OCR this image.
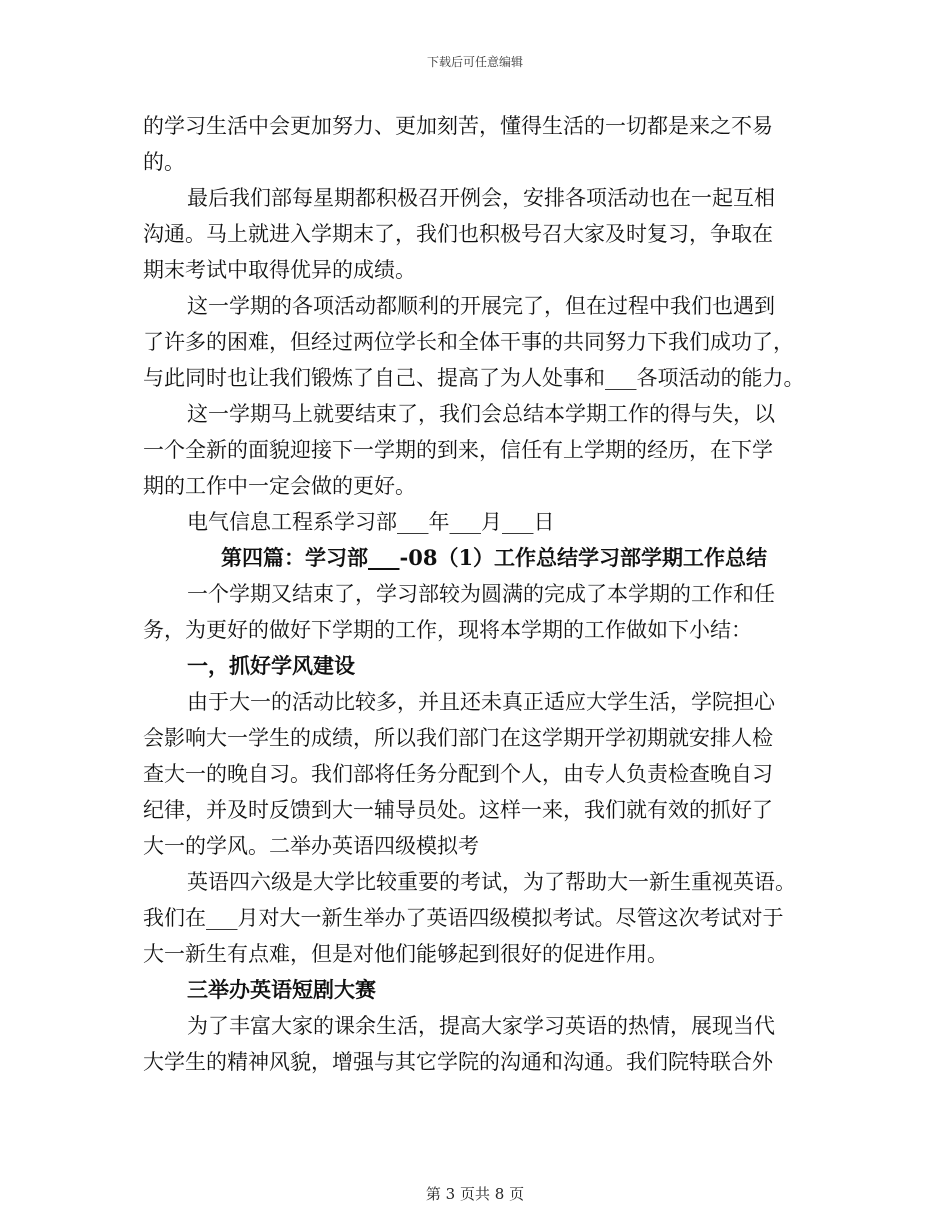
下载后可任意编辑
的学习生活中会更加努力、更加刻苦，懂得生活的一切都是来之不易
的。
最后我们部每星期都积极召开例会，安排各项活动也在一起互相
沟通。马上就进入学期末了，我们也积极号召大家及时复习，争取在
期末考试中取得优异的成绩。
这一学期的各项活动都顺利的开展完了，但在过程中我们也遇到
了许多的困难，但经过两位学长和全体干事的共同努力下我们成功了，
与此同时也让我们锻炼了自己、提高了为人处事和___各项活动的能力。
这一学期马上就要结束了，我们会总结本学期工作的得与失，以
一个全新的面貌迎接下一学期的到来，信任有上学期的经历，在下学
期的工作中一定会做的更好。
电气信息工程系学习部___年___月___日
第四篇：学习部___-08（1）工作总结学习部学期工作总结
一个学期又结束了，学习部较为圆满的完成了本学期的工作和任
务，为更好的做好下学期的工作，现将本学期的工作做如下小结：
一，抓好学风建设
由于大一的活动比较多，并且还未真正适应大学生活，学院担心
会影响大一学生的成绩，所以我们部门在这学期开学初期就安排人检
查大一的晚自习。我们部将任务分配到个人，由专人负责检查晚自习
纪律，并及时反馈到大一辅导员处。这样一来，我们就有效的抓好了
大一的学风。二举办英语四级模拟考
英语四六级是大学比较重要的考试，为了帮助大一新生重视英语。
我们在___月对大一新生举办了英语四级模拟考试。尽管这次考试对于
大一新生有点难，但是对他们能够起到很好的促进作用。
三举办英语短剧大赛
为了丰富大家的课余生活，提高大家学习英语的热情，展现当代
大学生的精神风貌，增强与其它学院的沟通和沟通。我们院特联合外
第 3 页共 8 页
